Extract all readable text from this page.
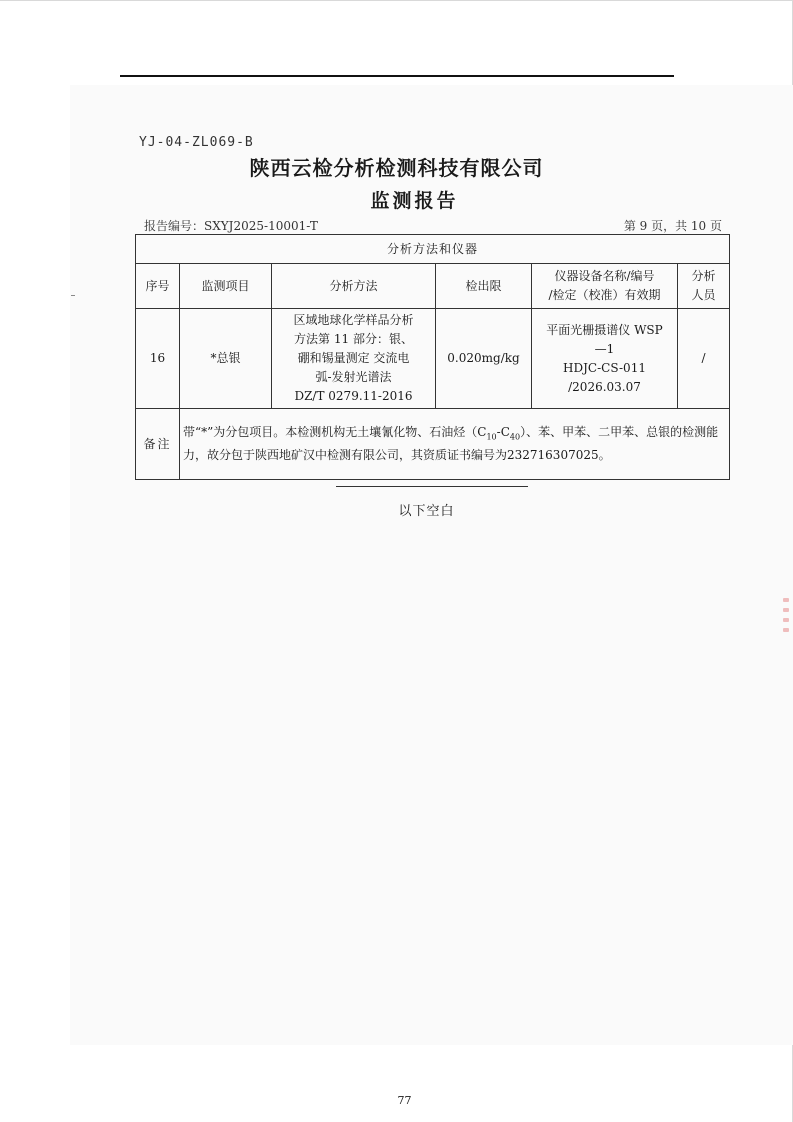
YJ-04-ZL069-B
陕西云检分析检测科技有限公司
监测报告
报告编号：SXYJ2025-10001-T	第 9 页，共 10 页
分析方法和仪器					
序号	监测项目	分析方法	检出限	仪器设备名称/编号
/检定（校准）有效期	分析
人员

16	*总银	区域地球化学样品分析
方法第 11 部分：银、
硼和锡量测定 交流电
弧-发射光谱法
DZ/T 0279.11-2016	0.020mg/kg	平面光栅摄谱仪 WSP
—1
HDJC-CS-011
/2026.03.07	/
备注	带“*”为分包项目。本检测机构无土壤氰化物、石油烃$(C_{10}-C_{40})$、苯、甲苯、二甲苯、总银的检测能力，故分包于陕西地矿汉中检测有限公司，其资质证书编号为232716307025。				
以下空白
77
